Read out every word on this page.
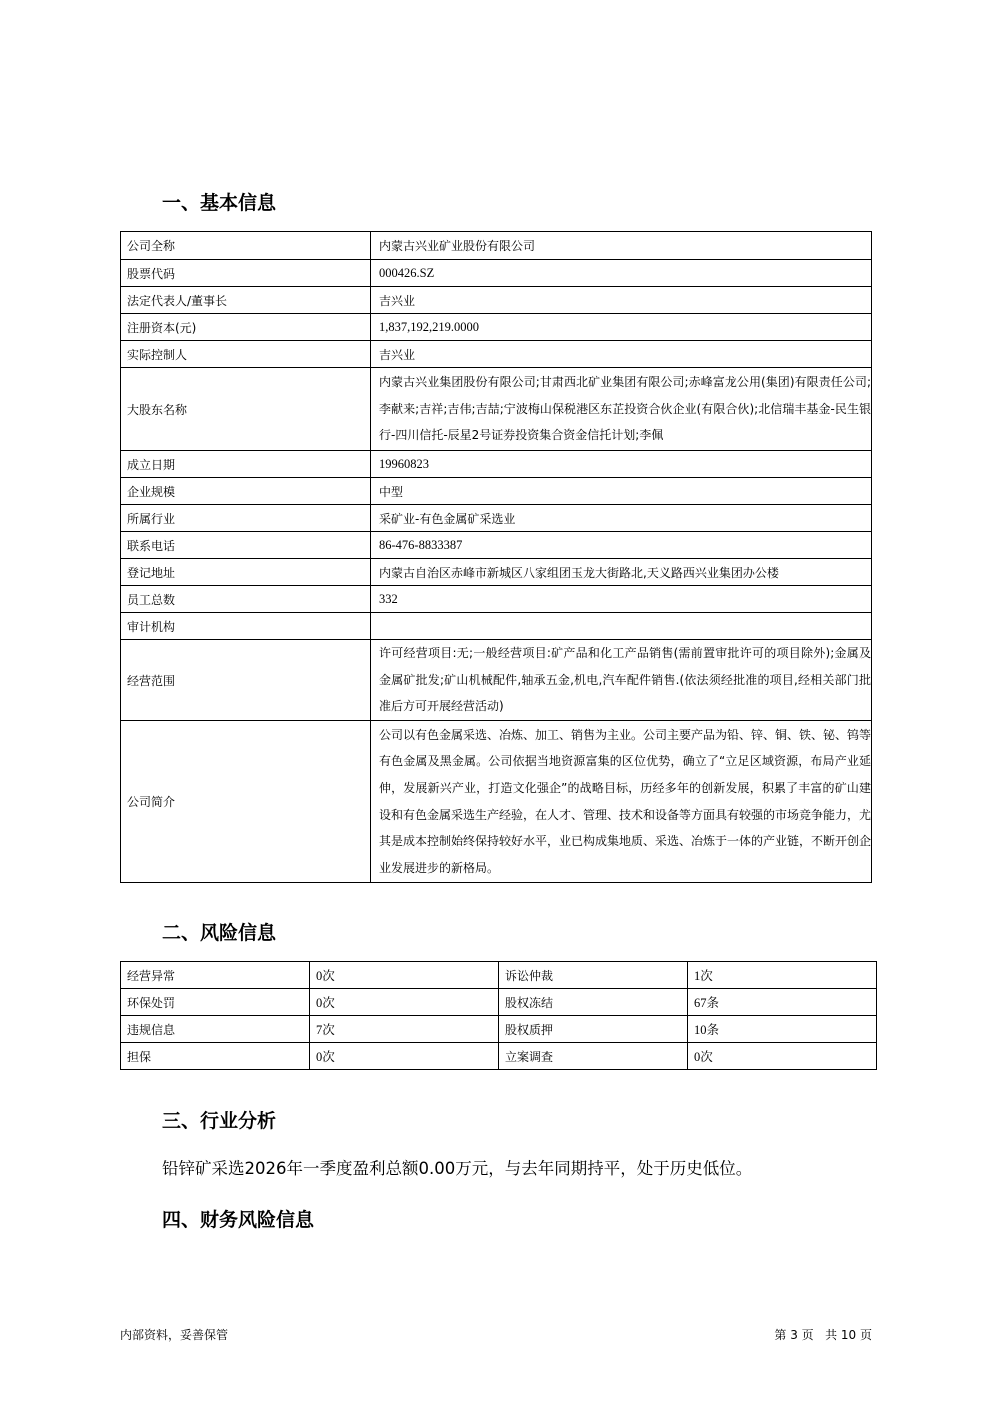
一、基本信息
公司全称	内蒙古兴业矿业股份有限公司
股票代码	000426.SZ
法定代表人/董事长	吉兴业
注册资本(元)	1,837,192,219.0000
实际控制人	吉兴业
大股东名称	内蒙古兴业集团股份有限公司;甘肃西北矿业集团有限公司;赤峰富龙公用(集团)有限责任公司;李献来;吉祥;吉伟;吉喆;宁波梅山保税港区东芷投资合伙企业(有限合伙);北信瑞丰基金-民生银行-四川信托-辰星2号证券投资集合资金信托计划;李佩
成立日期	19960823
企业规模	中型
所属行业	采矿业-有色金属矿采选业
联系电话	86-476-8833387
登记地址	内蒙古自治区赤峰市新城区八家组团玉龙大街路北,天义路西兴业集团办公楼
员工总数	332
审计机构	
经营范围	许可经营项目:无;一般经营项目:矿产品和化工产品销售(需前置审批许可的项目除外);金属及金属矿批发;矿山机械配件,轴承五金,机电,汽车配件销售.(依法须经批准的项目,经相关部门批准后方可开展经营活动)
公司简介	公司以有色金属采选、冶炼、加工、销售为主业。公司主要产品为铅、锌、铜、铁、铋、钨等有色金属及黑金属。公司依据当地资源富集的区位优势，确立了“立足区域资源，布局产业延伸，发展新兴产业，打造文化强企”的战略目标，历经多年的创新发展，积累了丰富的矿山建设和有色金属采选生产经验，在人才、管理、技术和设备等方面具有较强的市场竞争能力，尤其是成本控制始终保持较好水平，业已构成集地质、采选、冶炼于一体的产业链，不断开创企业发展进步的新格局。
二、风险信息
经营异常	0次	诉讼仲裁	1次
环保处罚	0次	股权冻结	67条
违规信息	7次	股权质押	10条
担保	0次	立案调查	0次
三、行业分析

铅锌矿采选2026年一季度盈利总额0.00万元，与去年同期持平，处于历史低位。

四、财务风险信息

内部资料，妥善保管	第 3 页   共 10 页
